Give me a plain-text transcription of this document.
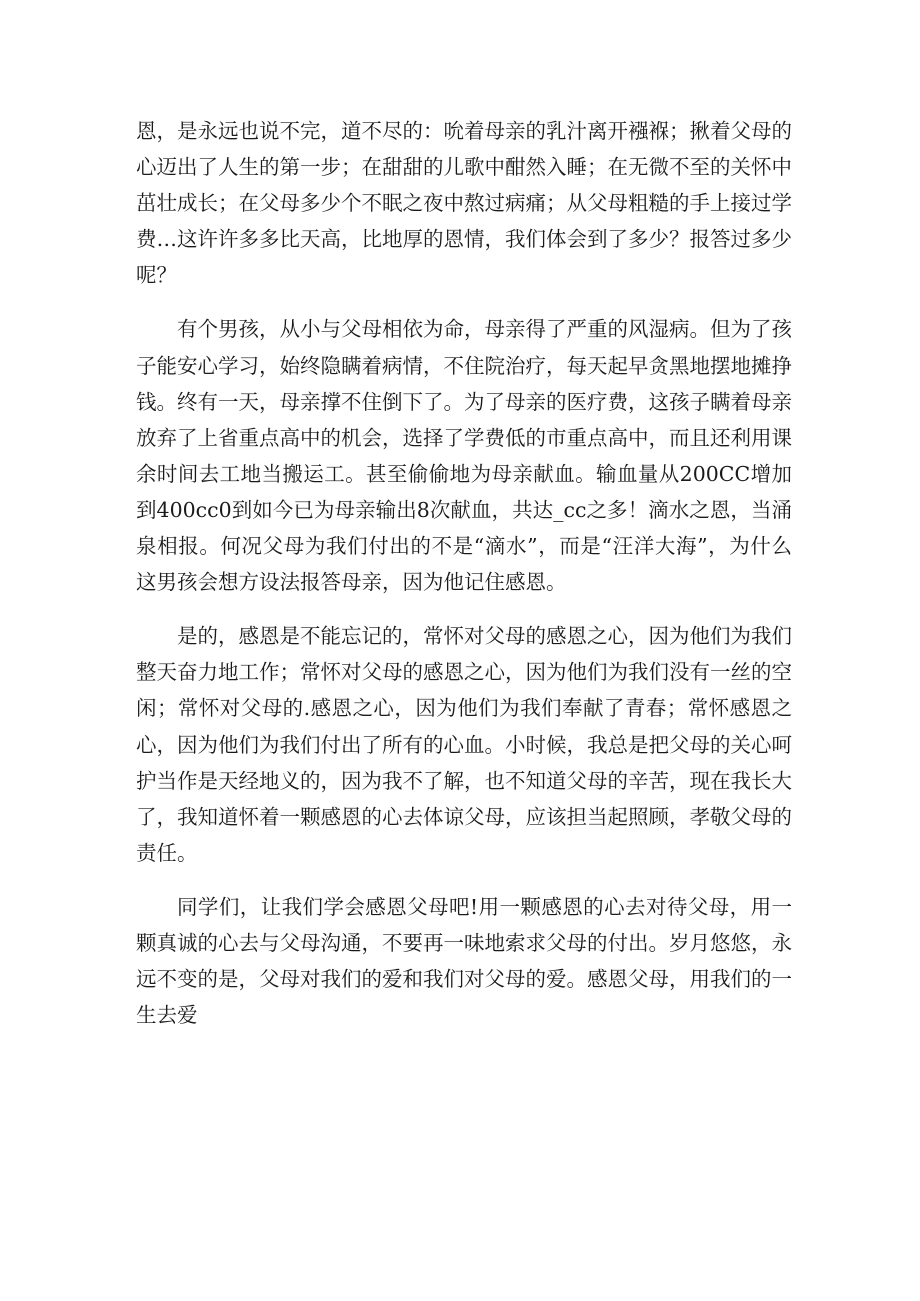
恩，是永远也说不完，道不尽的：吮着母亲的乳汁离开襁褓；揪着父母的心迈出了人生的第一步；在甜甜的儿歌中酣然入睡；在无微不至的关怀中茁壮成长；在父母多少个不眠之夜中熬过病痛；从父母粗糙的手上接过学费…这许许多多比天高，比地厚的恩情，我们体会到了多少？报答过多少呢？

有个男孩，从小与父母相依为命，母亲得了严重的风湿病。但为了孩子能安心学习，始终隐瞒着病情，不住院治疗，每天起早贪黑地摆地摊挣钱。终有一天，母亲撑不住倒下了。为了母亲的医疗费，这孩子瞒着母亲放弃了上省重点高中的机会，选择了学费低的市重点高中，而且还利用课余时间去工地当搬运工。甚至偷偷地为母亲献血。输血量从200CC增加到400cc0到如今已为母亲输出8次献血，共达_cc之多！滴水之恩，当涌泉相报。何况父母为我们付出的不是“滴水”，而是“汪洋大海”，为什么这男孩会想方设法报答母亲，因为他记住感恩。

是的，感恩是不能忘记的，常怀对父母的感恩之心，因为他们为我们整天奋力地工作；常怀对父母的感恩之心，因为他们为我们没有一丝的空闲；常怀对父母的.感恩之心，因为他们为我们奉献了青春；常怀感恩之心，因为他们为我们付出了所有的心血。小时候，我总是把父母的关心呵护当作是天经地义的，因为我不了解，也不知道父母的辛苦，现在我长大了，我知道怀着一颗感恩的心去体谅父母，应该担当起照顾，孝敬父母的责任。

同学们，让我们学会感恩父母吧!用一颗感恩的心去对待父母，用一颗真诚的心去与父母沟通，不要再一味地索求父母的付出。岁月悠悠，永远不变的是，父母对我们的爱和我们对父母的爱。感恩父母，用我们的一生去爱
